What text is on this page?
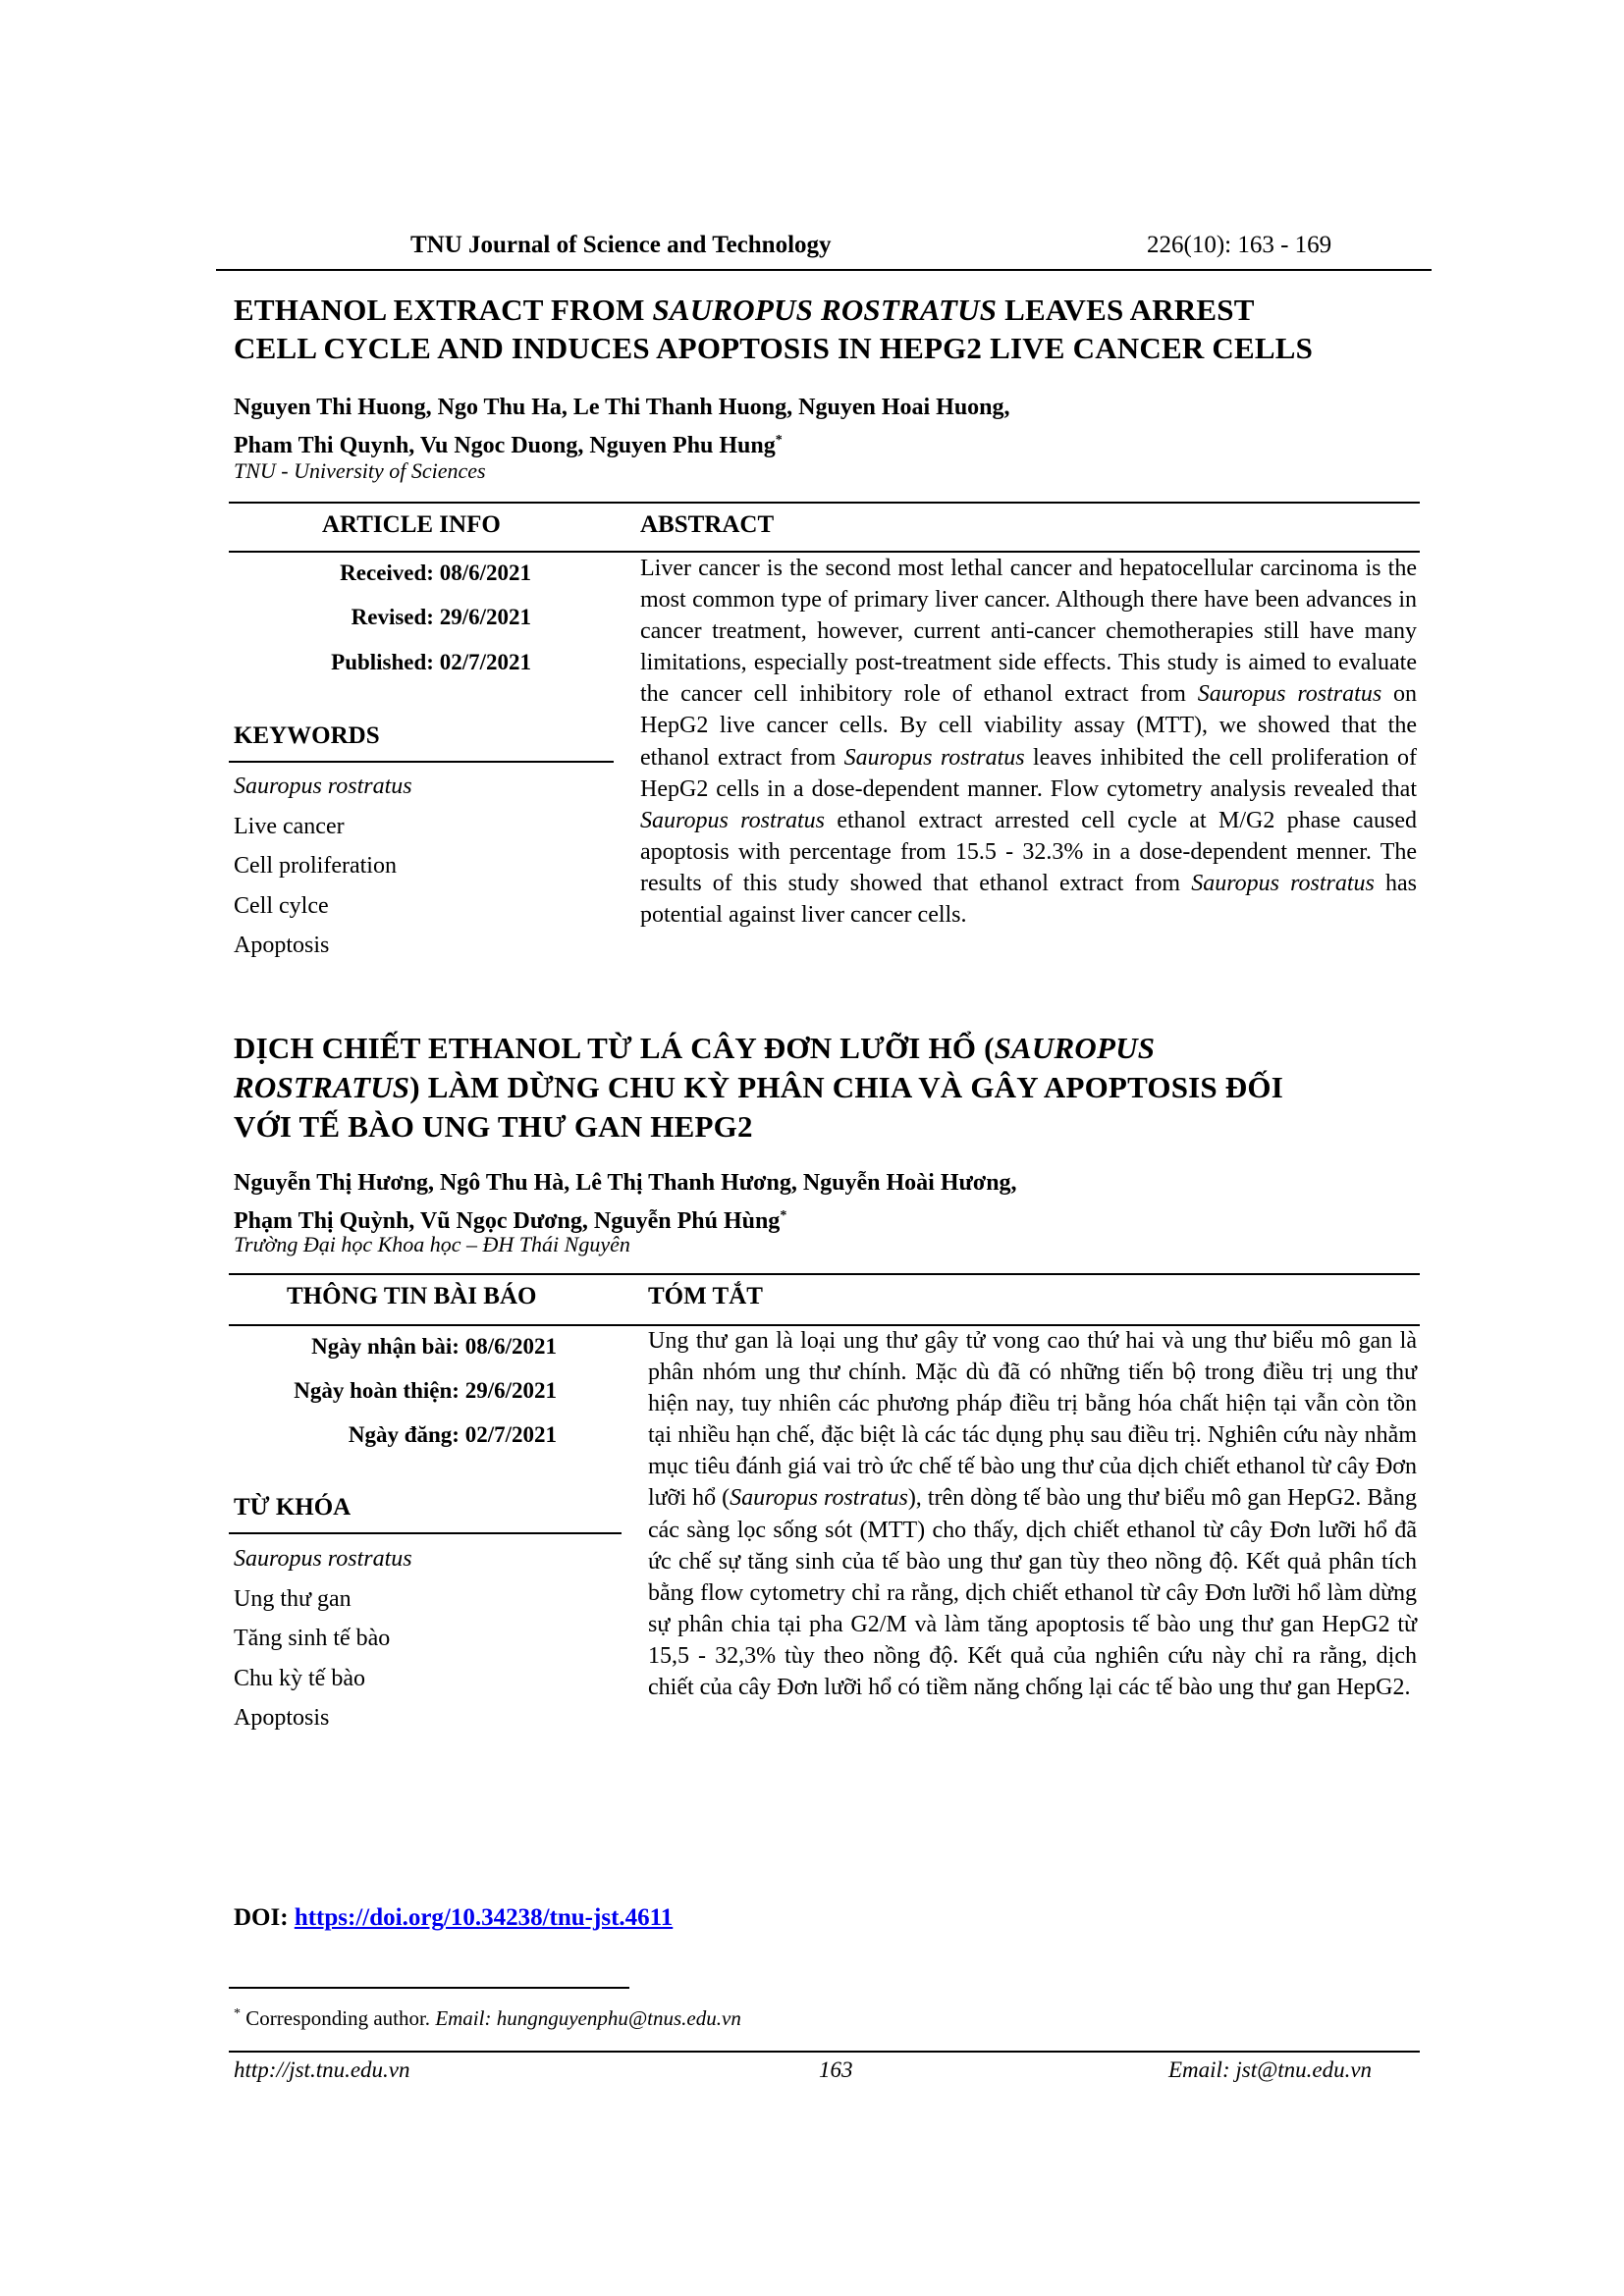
TNU Journal of Science and Technology	226(10): 163 - 169
ETHANOL EXTRACT FROM SAUROPUS ROSTRATUS LEAVES ARREST
CELL CYCLE AND INDUCES APOPTOSIS IN HEPG2 LIVE CANCER CELLS
Nguyen Thi Huong, Ngo Thu Ha, Le Thi Thanh Huong, Nguyen Hoai Huong,
Pham Thi Quynh, Vu Ngoc Duong, Nguyen Phu Hung*
TNU - University of Sciences
ARTICLE INFO	ABSTRACT
Received: 08/6/2021
Revised: 29/6/2021
Published: 02/7/2021
KEYWORDS
Sauropus rostratus
Live cancer
Cell proliferation
Cell cylce
Apoptosis
Liver cancer is the second most lethal cancer and hepatocellular carcinoma is the most common type of primary liver cancer. Although there have been advances in cancer treatment, however, current anti-cancer chemotherapies still have many limitations, especially post-treatment side effects. This study is aimed to evaluate the cancer cell inhibitory role of ethanol extract from Sauropus rostratus on HepG2 live cancer cells. By cell viability assay (MTT), we showed that the ethanol extract from Sauropus rostratus leaves inhibited the cell proliferation of HepG2 cells in a dose-dependent manner. Flow cytometry analysis revealed that Sauropus rostratus ethanol extract arrested cell cycle at M/G2 phase caused apoptosis with percentage from 15.5 - 32.3% in a dose-dependent menner. The results of this study showed that ethanol extract from Sauropus rostratus has potential against liver cancer cells.
DỊCH CHIẾT ETHANOL TỪ LÁ CÂY ĐƠN LƯỠI HỔ (SAUROPUS
ROSTRATUS) LÀM DỪNG CHU KỲ PHÂN CHIA VÀ GÂY APOPTOSIS ĐỐI
VỚI TẾ BÀO UNG THƯ GAN HEPG2
Nguyễn Thị Hương, Ngô Thu Hà, Lê Thị Thanh Hương, Nguyễn Hoài Hương,
Phạm Thị Quỳnh, Vũ Ngọc Dương, Nguyễn Phú Hùng*
Trường Đại học Khoa học – ĐH Thái Nguyên
THÔNG TIN BÀI BÁO	TÓM TẮT
Ngày nhận bài: 08/6/2021
Ngày hoàn thiện: 29/6/2021
Ngày đăng: 02/7/2021
TỪ KHÓA
Sauropus rostratus
Ung thư gan
Tăng sinh tế bào
Chu kỳ tế bào
Apoptosis
Ung thư gan là loại ung thư gây tử vong cao thứ hai và ung thư biểu mô gan là phân nhóm ung thư chính. Mặc dù đã có những tiến bộ trong điều trị ung thư hiện nay, tuy nhiên các phương pháp điều trị bằng hóa chất hiện tại vẫn còn tồn tại nhiều hạn chế, đặc biệt là các tác dụng phụ sau điều trị. Nghiên cứu này nhằm mục tiêu đánh giá vai trò ức chế tế bào ung thư của dịch chiết ethanol từ cây Đơn lưỡi hổ (Sauropus rostratus), trên dòng tế bào ung thư biểu mô gan HepG2. Bằng các sàng lọc sống sót (MTT) cho thấy, dịch chiết ethanol từ cây Đơn lưỡi hổ đã ức chế sự tăng sinh của tế bào ung thư gan tùy theo nồng độ. Kết quả phân tích bằng flow cytometry chỉ ra rằng, dịch chiết ethanol từ cây Đơn lưỡi hổ làm dừng sự phân chia tại pha G2/M và làm tăng apoptosis tế bào ung thư gan HepG2 từ 15,5 - 32,3% tùy theo nồng độ. Kết quả của nghiên cứu này chỉ ra rằng, dịch chiết của cây Đơn lưỡi hổ có tiềm năng chống lại các tế bào ung thư gan HepG2.
DOI: https://doi.org/10.34238/tnu-jst.4611
* Corresponding author. Email: hungnguyenphu@tnus.edu.vn
http://jst.tnu.edu.vn	163	Email: jst@tnu.edu.vn
